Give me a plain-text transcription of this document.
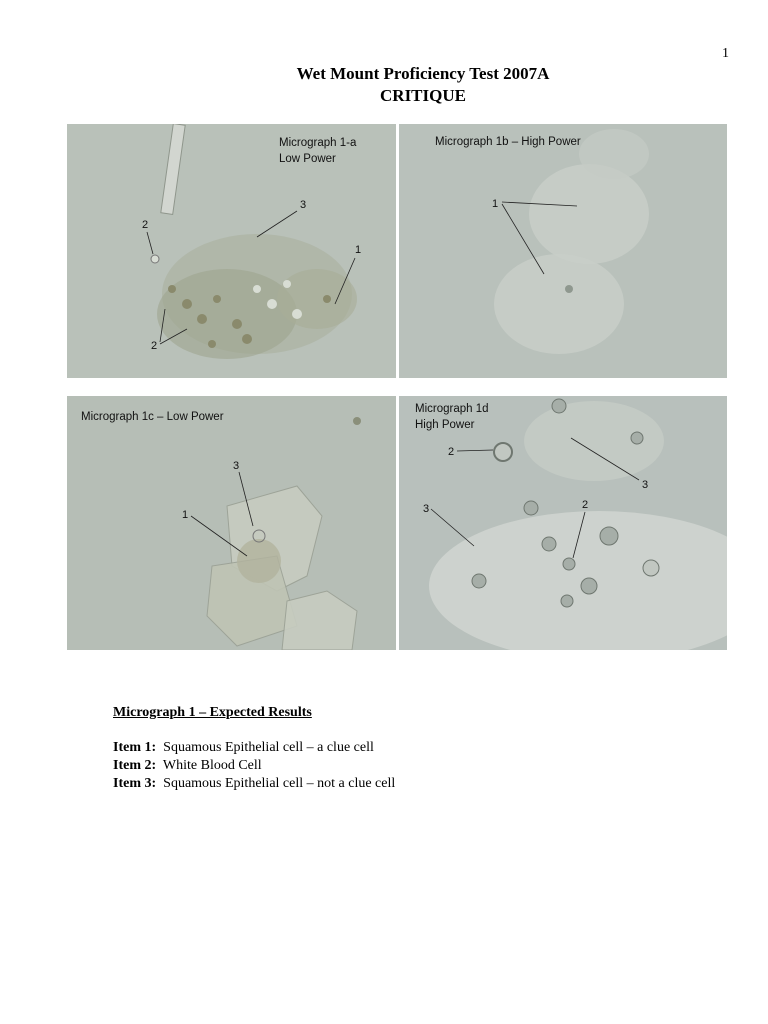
1
Wet Mount Proficiency Test 2007A
CRITIQUE
Micrograph 1-a
Low Power
1
2
2
3
Micrograph 1b – High Power
1
Micrograph 1c – Low Power
1
3
Micrograph 1d
High Power
2
3
3	2
Micrograph 1 – Expected Results
Item 1: Squamous Epithelial cell – a clue cell
Item 2: White Blood Cell
Item 3: Squamous Epithelial cell – not a clue cell
